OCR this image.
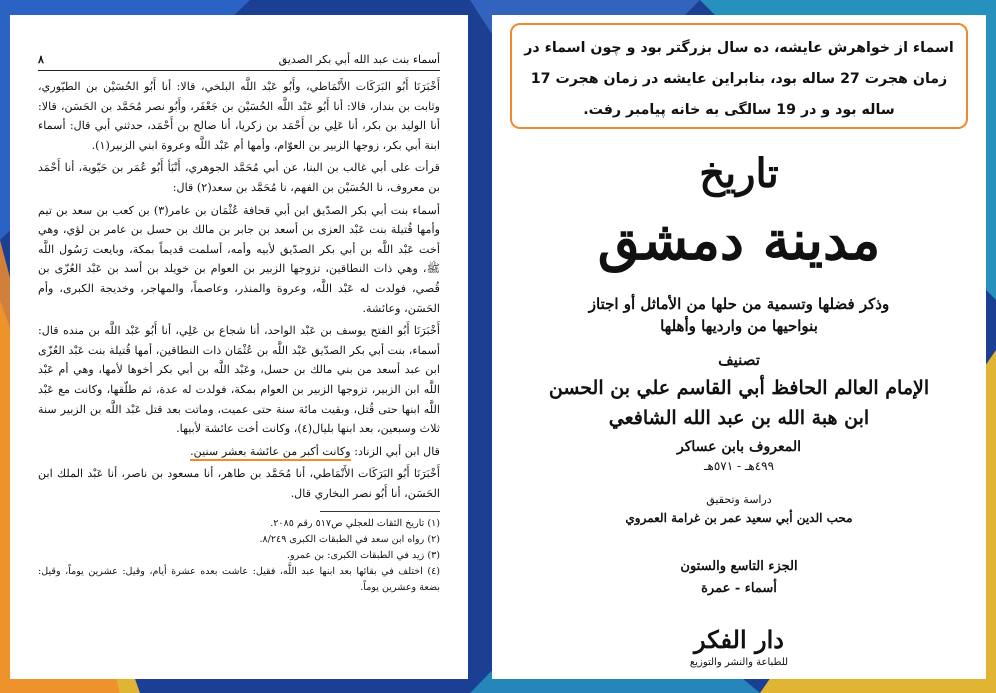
أسماء بنت عبد الله أبي بكر الصديق
٨

أَخْبَرَنَا أَبُو البَرَكَات الأَنْمَاطي، وأَبُو عَبْد اللَّه البلخي، قالا: أنا أَبُو الحُسَيْن بن الطيّوري، وثابت بن بندار، قالا: أنا أَبُو عَبْد اللَّه الحُسَيْن بن جَعْفَر، وأَبُو نصر مُحَمَّد بن الحَسَن، قالا: أنا الوليد بن بكر، أنا عَلِي بن أَحْمَد بن زكريا، أنا صالح بن أَحْمَد، حدثني أبي قال: أسماء ابنة أبي بكر، زوجها الزبير بن العوّام، وأمها أم عَبْد اللَّه وعروة ابني الزبير(١).

قرأت على أبي غالب بن البنا، عن أبي مُحَمَّد الجوهري، أَنْبَأ أَبُو عُمَر بن حَيّوية، أنا أَحْمَد بن معروف، نا الحُسَيْن بن الفهم، نا مُحَمَّد بن سعد(٢) قال:

أسماء بنت أبي بكر الصدّيق ابن أبي قحافة عُثْمَان بن عامر(٣) بن كعب بن سعد بن تيم وأمها قُتيلة بنت عَبْد العزى بن أسعد بن جابر بن مالك بن حسل بن عامر بن لؤي، وهي أخت عَبْد اللَّه بن أبي بكر الصدّيق لأبيه وأمه، أسلمت قديماً بمكة، وبايعت رَسُول اللَّه ﷺ، وهي ذات النطاقين، تزوجها الزبير بن العوام بن خويلد بن أسد بن عَبْد العُزّى بن قُصي، فولدت له عَبْد اللَّه، وعروة والمنذر، وعاصماً، والمهاجر، وخديجة الكبرى، وأم الحَسَن، وعائشة.

أَخْبَرَنَا أَبُو الفتح يوسف بن عَبْد الواحد، أنا شجاع بن عَلِي، أنا أَبُو عَبْد اللَّه بن منده قال: أسماء، بنت أبي بكر الصدّيق عَبْد اللَّه بن عُثْمَان ذات النطاقين، أمها قُتيلة بنت عَبْد العُزّى ابن عبد أسعد من بني مالك بن حسل، وعَبْد اللَّه بن أبي بكر أخوها لأمها، وهي أم عَبْد اللَّه ابن الزبير، تزوجها الزبير بن العوام بمكة، فولدت له عدة، ثم طلّقها، وكانت مع عَبْد اللَّه ابنها حتى قُتل، وبقيت مائة سنة حتى عميت، وماتت بعد قتل عَبْد اللَّه بن الزبير سنة ثلاث وسبعين، بعد ابنها بليال(٤)، وكانت أخت عائشة لأبيها.

قال ابن أبي الزناد: وكانت أكبر من عائشة بعشر سنين.

أَخْبَرَنَا أَبُو البَرَكَات الأَنْمَاطي، أنا مُحَمَّد بن طاهر، أنا مسعود بن ناصر، أنا عَبْد الملك ابن الحَسَن، أنا أَبُو نصر البخاري قال.

(١) تاريخ الثقات للعجلي ص٥١٧ رقم ٢٠٨٥.
(٢) رواه ابن سعد في الطبقات الكبرى ٨/٢٤٩.
(٣) زيد في الطبقات الكبرى: بن عمرو.
(٤) اختلف في بقائها بعد ابنها عبد اللَّه، فقيل: عاشت بعده عشرة أيام، وقيل: عشرين يوماً، وقيل: بضعة وعشرين يوماً.
اسماء از خواهرش عایشه، ده سال بزرگتر بود و چون اسماء در زمان هجرت 27 ساله بود، بنابراین عایشه در زمان هجرت 17 ساله بود و در 19 سالگی به خانه پیامبر رفت.
تاريخ
مدينة دمشق
وذكر فضلها وتسمية من حلها من الأماثل أو اجتاز
بنواحيها من وارديها وأهلها
تصنيف
الإمام العالم الحافظ أبي القاسم علي بن الحسن
ابن هبة الله بن عبد الله الشافعي
المعروف بابن عساكر
٤٩٩هـ - ٥٧١هـ
دراسة وتحقيق
محب الدين أبي سعيد عمر بن غرامة العمروي
الجزء التاسع والستون
أسماء - عمرة
دار الفكر
للطباعة والنشر والتوزيع
